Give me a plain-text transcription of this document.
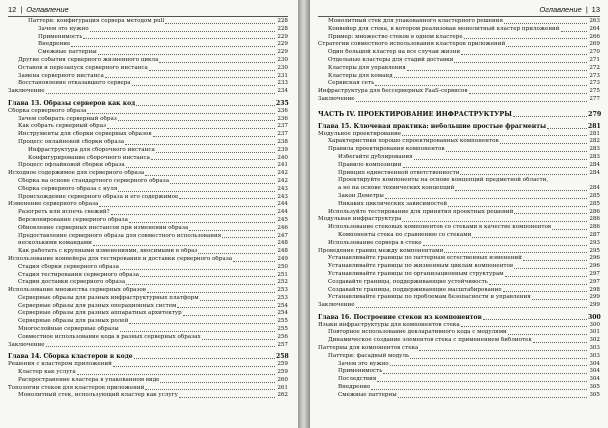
12 | Оглавление
Паттерн: конфигурация сервера методом pull	228
Зачем это нужно	228
Применимость	229
Внедрение	229
Смежные паттерны	229
Другие события серверного жизненного цикла	230
Останов и перезапуск серверного инстанса	230
Замена серверного инстанса	231
Восстановление отказавшего сервера	233
Заключение	234
Глава 13. Образы серверов как код	235
Сборка серверного образа	236
Зачем собирать серверный образ	236
Как собрать серверный образ	237
Инструменты для сборки серверных образов	237
Процесс онлайновой сборки образа	238
Инфраструктура для сборочного инстанса	239
Конфигурирование сборочного инстанса	240
Процесс офлайновой сборки образа	241
Исходное содержимое для серверного образа	242
Сборка на основе стандартного серверного образа	242
Сборка серверного образа с нуля	243
Происхождение серверного образа и его содержимое	243
Изменение серверного образа	244
Разогреть или испечь свежий?	244
Версионирование серверного образа	245
Обновление серверных инстансов при изменении образа	246
Предоставление серверного образа для совместного использования	247
несколькими командами	248
Как работать с крупными изменениями, вносимыми в образ	248
Использование конвейера для тестирования и доставки серверного образа	249
Стадия сборки серверного образа	250
Стадия тестирования серверного образа	251
Стадии доставки серверного образа	252
Использование множества серверных образов	253
Серверные образы для разных инфраструктурных платформ	253
Серверные образы для разных операционных систем	254
Серверные образы для разных аппаратных архитектур	254
Серверные образы для разных ролей	255
Многослойные серверные образы	255
Совместное использование кода в разных серверных образах	256
Заключение	257
Глава 14. Сборка кластеров в коде	258
Решения с кластером приложений	259
Кластер как услуга	259
Распространение кластера в упакованном виде	260
Топологии стеков для кластеров приложений	261
Монолитный стек, использующий кластер как услугу	262
Оглавление | 13
Монолитный стек для упакованного кластерного решения	263
Конвейер для стека, в котором реализован монолитный кластер приложений	264
Пример: множество стеков в одном кластере	266
Стратегии совместного использования кластеров приложений	269
Один большой кластер на все случаи жизни	270
Отдельные кластеры для стадий доставки	271
Кластеры для управления	272
Кластеры для команд	273
Сервисная сеть	273
Инфраструктура для бессерверных FaaS-сервисов	275
Заключение	277
ЧАСТЬ IV. ПРОЕКТИРОВАНИЕ ИНФРАСТРУКТУРЫ	279
Глава 15. Ключевая практика: небольшие простые фрагменты	281
Модульное проектирование	281
Характеристики хорошо спроектированных компонентов	282
Правила проектирования компонентов	283
Избегайте дублирования	283
Правило композиции	284
Принцип единственной ответственности	284
Проектируйте компоненты на основе концепций предметной области,
а не на основе технических концепций	284
Закон Деметры	285
Никаких циклических зависимостей	285
Используйте тестирование для принятия проектных решений	286
Модульная инфраструктура	286
Использование стековых компонентов со стеками в качестве компонентов	286
Компоненты стека по сравнению со стеками	287
Использование сервера в стеке	293
Проведение границ между компонентами	295
Устанавливайте границы по паттернам естественных изменений	296
Устанавливайте границы по жизненным циклам компонентов	296
Устанавливайте границы по организационным структурам	297
Создавайте границы, поддерживающие устойчивость	297
Создавайте границы, поддерживающие масштабирование	298
Устанавливайте границы по проблемам безопасности и управления	299
Заключение	299
Глава 16. Построение стеков из компонентов	300
Языки инфраструктуры для компонентов стека	300
Повторное использование декларативного кода с модулями	301
Динамическое создание элементов стека с применением библиотек	302
Паттерны для компонентов стека	303
Паттерн: фасадный модуль	303
Зачем это нужно	304
Применимость	304
Последствия	304
Внедрение	305
Смежные паттерны	305
